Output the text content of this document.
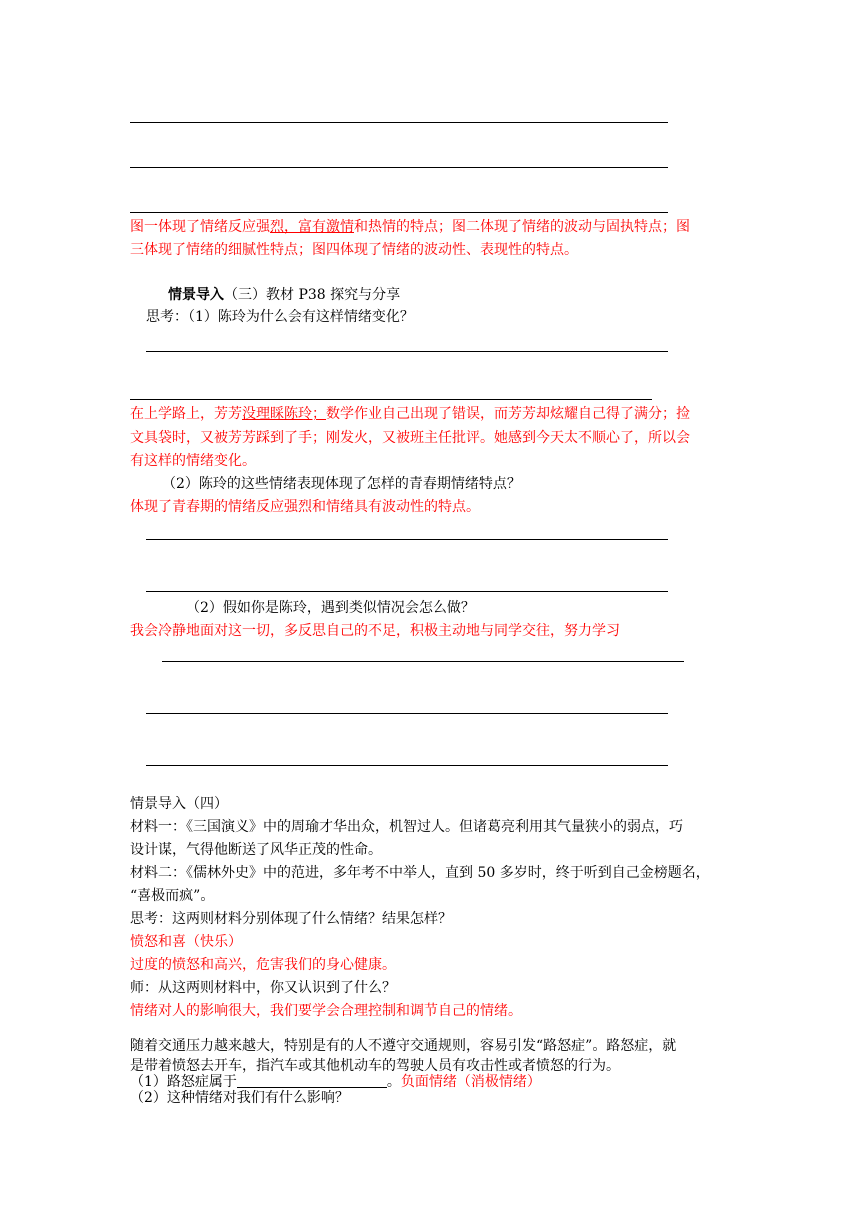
图一体现了情绪反应强烈，富有激情和热情的特点；图二体现了情绪的波动与固执特点；图
三体现了情绪的细腻性特点；图四体现了情绪的波动性、表现性的特点。
情景导入（三）教材 P38 探究与分享
思考：（1）陈玲为什么会有这样情绪变化？
在上学路上，芳芳没理睬陈玲；数学作业自己出现了错误，而芳芳却炫耀自己得了满分；捡
文具袋时，又被芳芳踩到了手；刚发火，又被班主任批评。她感到今天太不顺心了，所以会
有这样的情绪变化。
（2）陈玲的这些情绪表现体现了怎样的青春期情绪特点？
体现了青春期的情绪反应强烈和情绪具有波动性的特点。
（2）假如你是陈玲，遇到类似情况会怎么做？
我会冷静地面对这一切，多反思自己的不足，积极主动地与同学交往，努力学习
情景导入（四）
材料一：《三国演义》中的周瑜才华出众，机智过人。但诸葛亮利用其气量狭小的弱点，巧
设计谋，气得他断送了风华正茂的性命。
材料二：《儒林外史》中的范进，多年考不中举人，直到 50 多岁时，终于听到自己金榜题名，
“喜极而疯”。
思考：这两则材料分别体现了什么情绪？结果怎样？
愤怒和喜（快乐）
过度的愤怒和高兴，危害我们的身心健康。
师：从这两则材料中，你又认识到了什么？
情绪对人的影响很大，我们要学会合理控制和调节自己的情绪。
随着交通压力越来越大，特别是有的人不遵守交通规则，容易引发“路怒症”。路怒症，就
是带着愤怒去开车，指汽车或其他机动车的驾驶人员有攻击性或者愤怒的行为。
（1）路怒症属于	。负面情绪（消极情绪）
（2）这种情绪对我们有什么影响？
